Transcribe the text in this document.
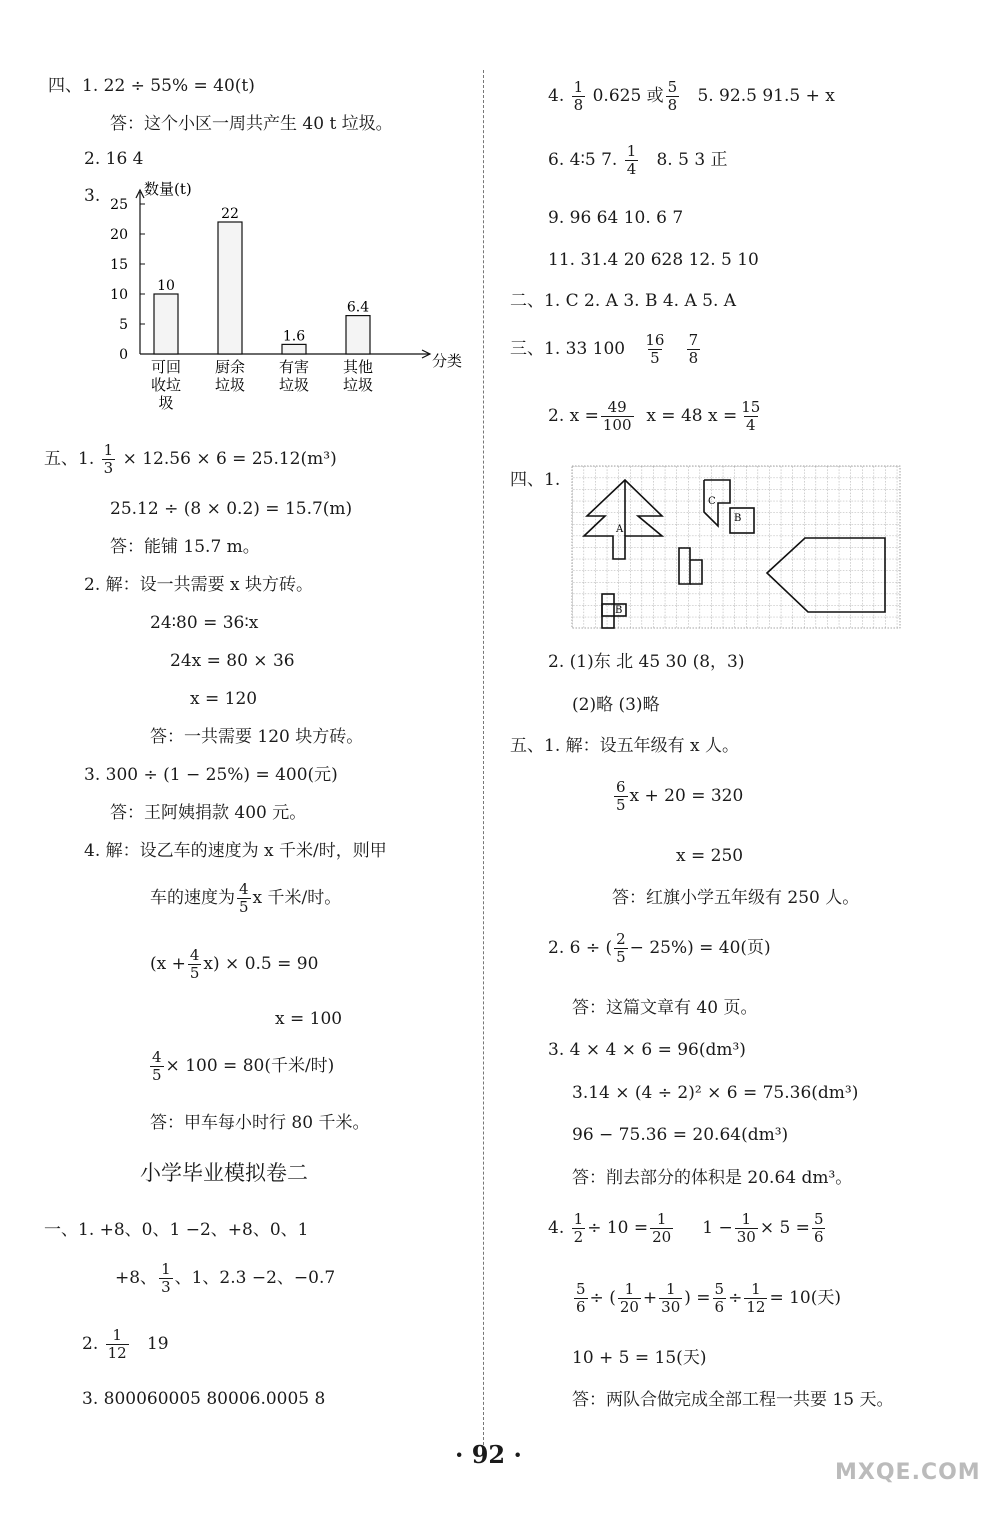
四、1. 22 ÷ 55% = 40(t)
答：这个小区一周共产生 40 t 垃圾。
2. 16 4
3.	数量(t)
分类
0
5
10
15
20
25
10
可回
收垃
圾
22
厨余
垃圾
1.6
有害
垃圾
6.4
其他
垃圾
五、1. $\frac{1}{3} \times 12.56 \times 6 = 25.12(m^3)$
25.12 ÷ (8 × 0.2) = 15.7(m)
答：能铺 15.7 m。
2. 解：设一共需要 x 块方砖。
24∶80 = 36∶x
24x = 80 × 36
x = 120
答：一共需要 120 块方砖。
3. 300 ÷ (1 − 25%) = 400(元)
答：王阿姨捐款 400 元。
4. 解：设乙车的速度为 x 千米/时，则甲
车的速度为 $\frac{4}{5}$ x 千米/时。
$(x + \frac{4}{5} x) \times 0.5 = 90$
x = 100
$\frac{4}{5} \times 100 = 80$(千米/时)
答：甲车每小时行 80 千米。
小学毕业模拟卷二
一、1. +8、0、1 −2、+8、0、1
+8、 $\frac{1}{3}$ 、1、2.3 −2、−0.7
2. $\frac{1}{12} 19$
3. 800060005 80006.0005 8
4. $\frac{1}{8} 0.625$ 或 $\frac{5}{8} 5$. 92.5 91.5 + x
6. 4∶5 7. $\frac{1}{4} 8$. 5 3 正
9. 96 64 10. 6 7
11. 31.4 20 628 12. 5 10
二、1. C 2. A 3. B 4. A 5. A
三、1. 33 $100 \frac{16}{5}$
$\frac{7}{8}$
2. $x = \frac{49}{100}$ x = 48 $x = \frac{15}{4}$
四、1.
C
A
B
B
2. (1)东 北 45 30 (8，3)
(2)略 (3)略
五、1. 解：设五年级有 x 人。
$\frac{6}{5}$ x + 20 = 320
x = 250
答：红旗小学五年级有 250 人。
2. 6 ÷ ( $\frac{2}{5} - 25\%) = 40$(页)
答：这篇文章有 40 页。
3. 4 × 4 × 6 = 96(dm³)
3.14 × (4 ÷ 2)² × 6 = 75.36(dm³)
96 − 75.36 = 20.64(dm³)
答：削去部分的体积是 20.64 dm³。
4. $\frac{1}{2} \div 10 = \frac{1}{20} 1 - \frac{1}{30} \times 5 = \frac{5}{6}$
$\frac{5}{6}$ ÷ ( $\frac{1}{20} + \frac{1}{30}$ ) = $\frac{5}{6} \div \frac{1}{12} = 10$(天)
10 + 5 = 15(天)
答：两队合做完成全部工程一共要 15 天。
· 92 ·
MXQE.COM
